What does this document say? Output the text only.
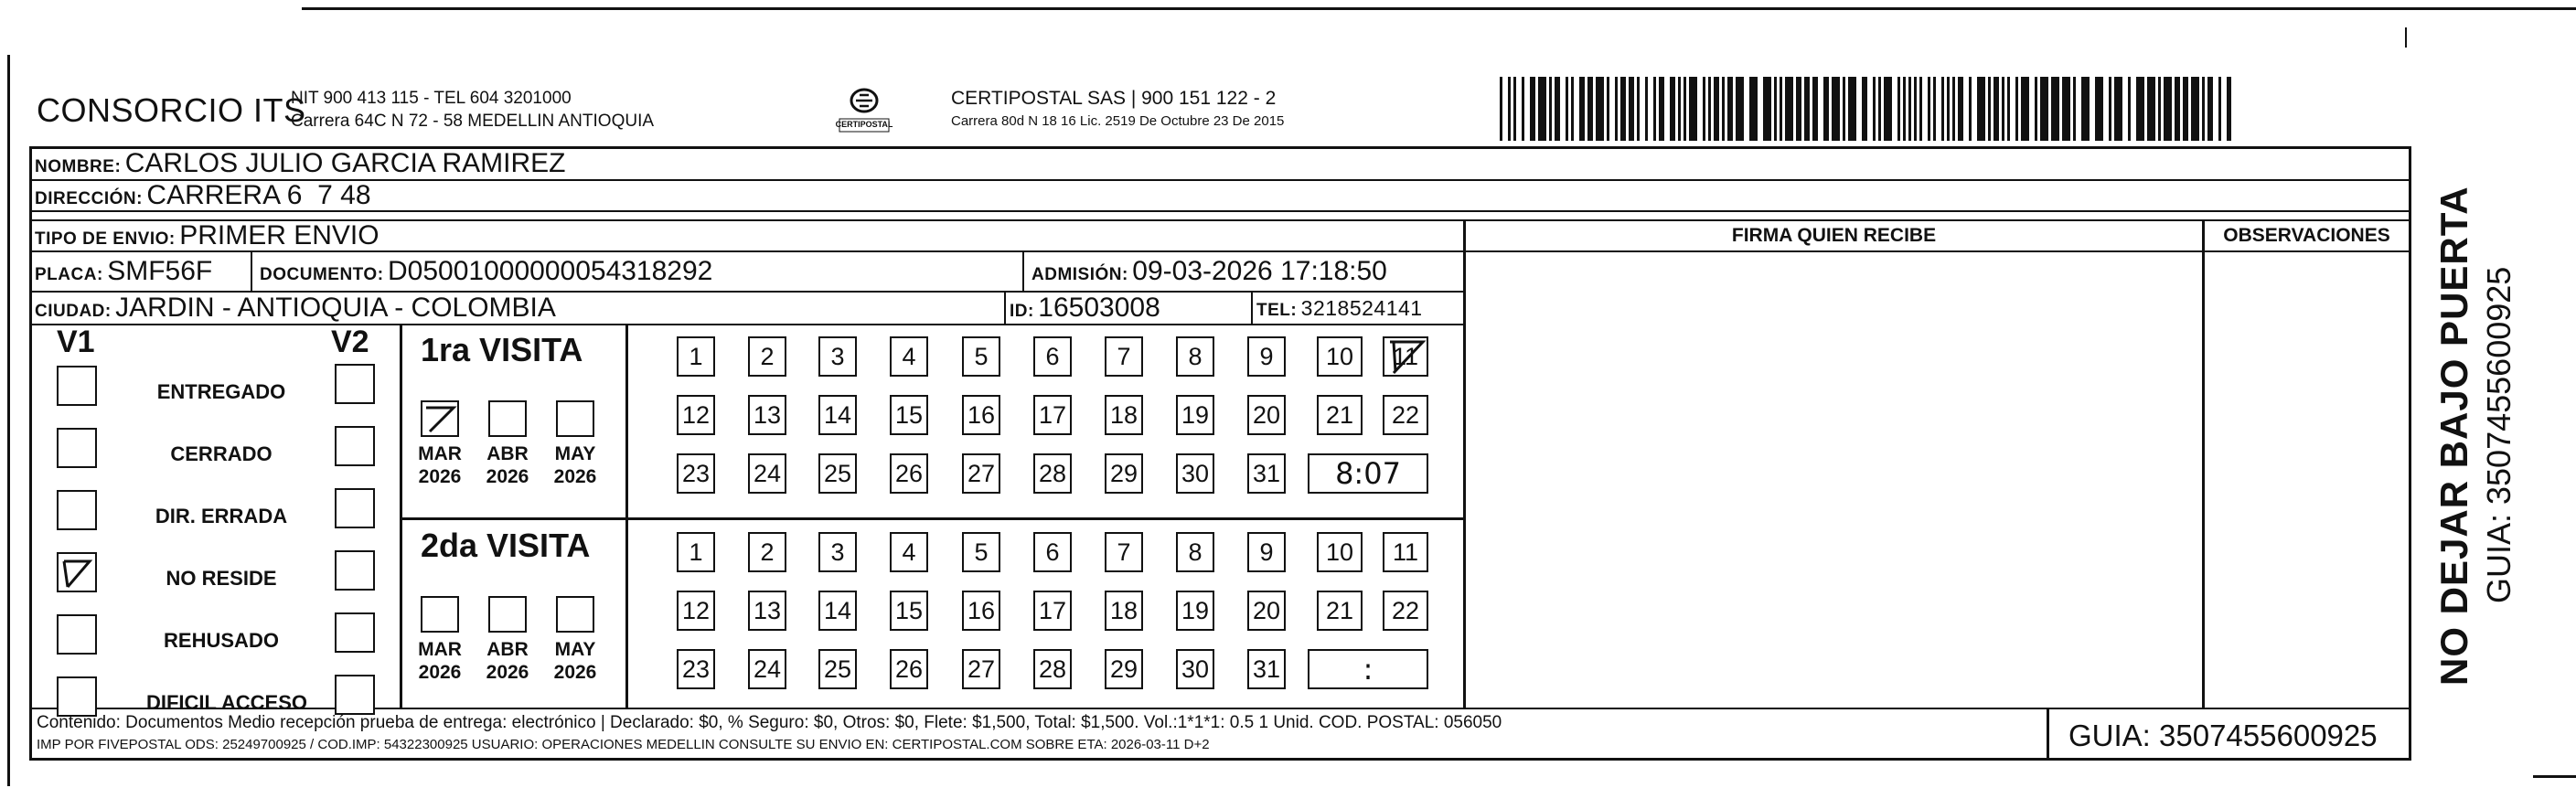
CONSORCIO ITS
NIT 900 413 115 - TEL 604 3201000
Carrera 64C N 72 - 58 MEDELLIN ANTIOQUIA	CERTIPOSTAL
CERTIPOSTAL SAS | 900 151 122 - 2
Carrera 80d N 18 16 Lic. 2519 De Octubre 23 De 2015
NOMBRE: CARLOS JULIO GARCIA RAMIREZ
DIRECCIÓN: CARRERA 6  7 48
TIPO DE ENVIO: PRIMER ENVIO	FIRMA QUIEN RECIBE	OBSERVACIONES
PLACA: SMF56F	DOCUMENTO: D05001000000054318292	ADMISIÓN: 09-03-2026 17:18:50
CIUDAD: JARDIN - ANTIOQUIA - COLOMBIA	ID: 16503008	TEL: 3218524141
V1	V2
ENTREGADO
CERRADO
DIR. ERRADA
NO RESIDE
REHUSADO
DIFICIL ACCESO
1ra VISITA
2da VISITA
MAR
2026
ABR
2026
MAY
2026
1	2	3	4	5	6	7	8	9	10	11
12 13 14 15 16 17 18 19 20	21	22
23 24 25 26 27 28 29 30 31	8:07
MAR
2026
ABR
2026
MAY
2026
1	2	3	4	5	6	7	8	9	10	11
12 13 14 15 16 17 18 19 20	21	22
23 24 25 26 27 28 29 30 31	:	NO DEJAR BAJO PUERTA GUIA: 3507455600925
Contenido: Documentos Medio recepción prueba de entrega: electrónico | Declarado: $0, % Seguro: $0, Otros: $0, Flete: $1,500, Total: $1,500. Vol.:1*1*1: 0.5 1 Unid. COD. POSTAL: 056050
IMP POR FIVEPOSTAL ODS: 25249700925 / COD.IMP: 54322300925 USUARIO: OPERACIONES MEDELLIN CONSULTE SU ENVIO EN: CERTIPOSTAL.COM SOBRE ETA: 2026-03-11 D+2	GUIA: 3507455600925
